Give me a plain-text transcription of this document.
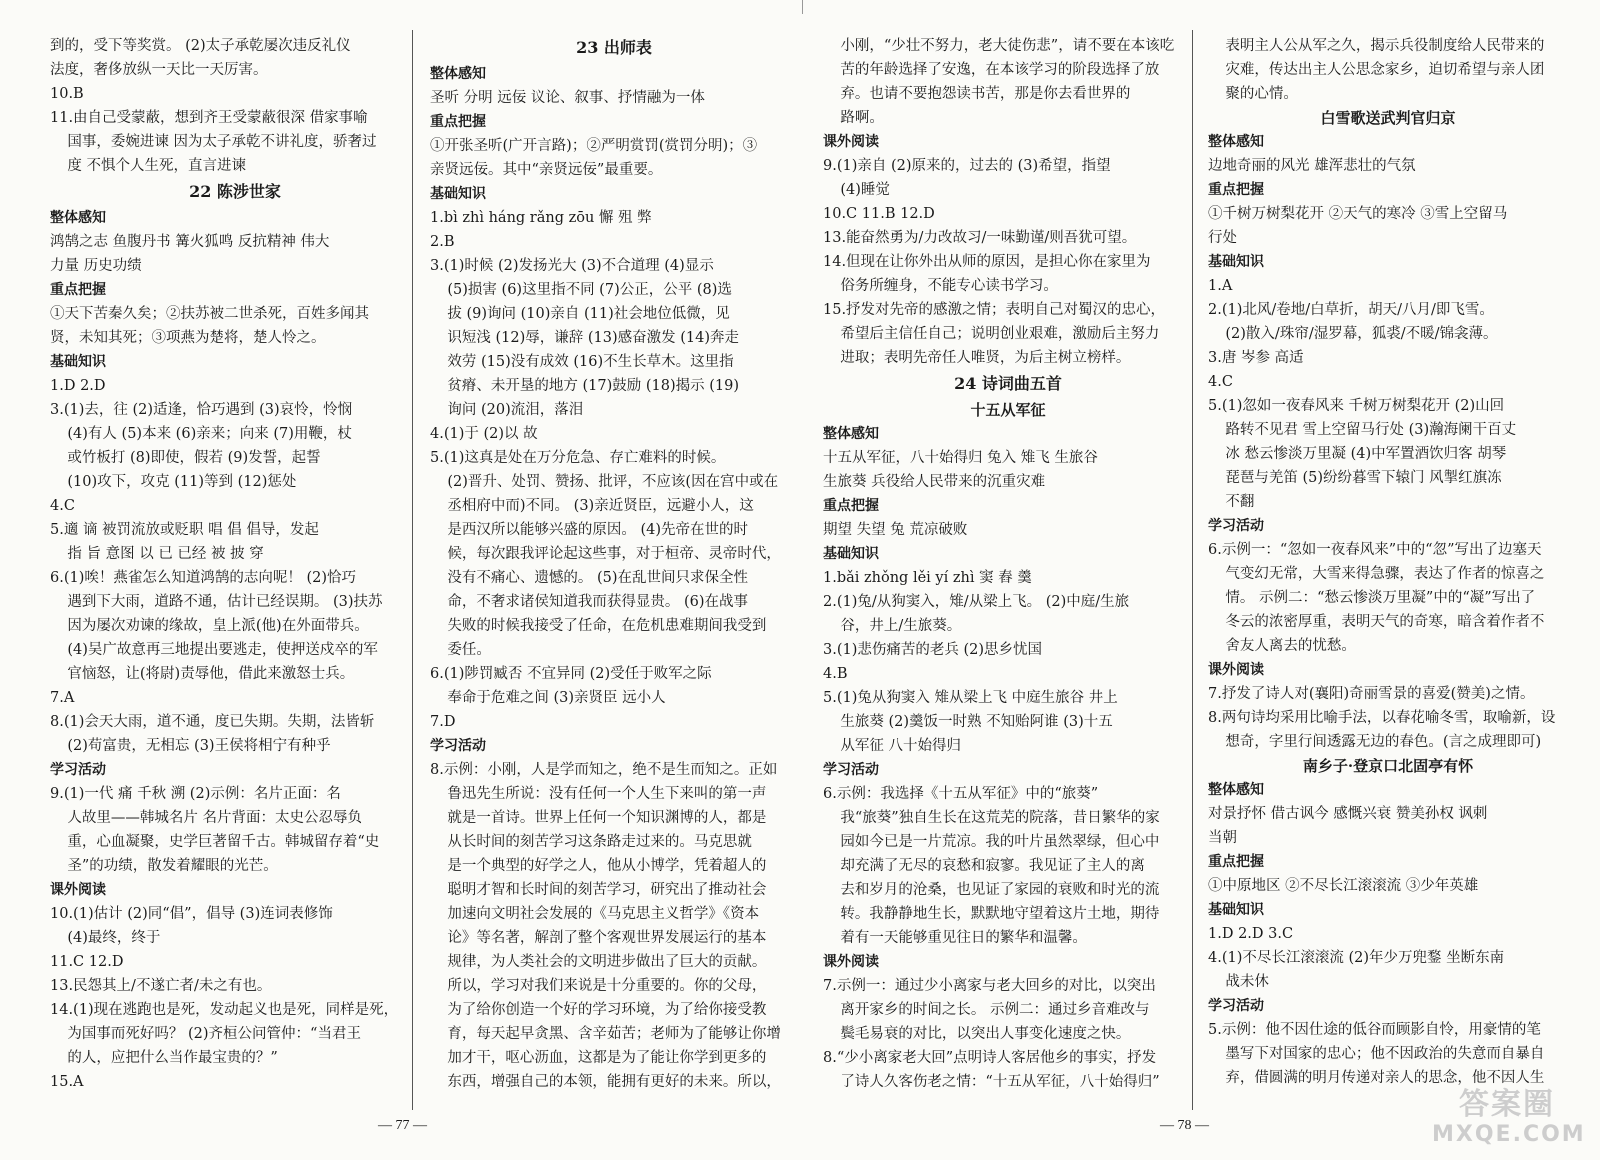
到的，受下等奖赏。 (2)太子承乾屡次违反礼仪
法度，奢侈放纵一天比一天厉害。
10.B
11.由自己受蒙蔽，想到齐王受蒙蔽很深 借家事喻
国事，委婉进谏 因为太子承乾不讲礼度，骄奢过
度 不惧个人生死，直言进谏
22 陈涉世家
整体感知
鸿鹄之志 鱼腹丹书 篝火狐鸣 反抗精神 伟大
力量 历史功绩
重点把握
①天下苦秦久矣；②扶苏被二世杀死，百姓多闻其
贤，未知其死；③项燕为楚将，楚人怜之。
基础知识
1.D 2.D
3.(1)去，往 (2)适逢，恰巧遇到 (3)哀怜，怜悯
(4)有人 (5)本来 (6)亲来；向来 (7)用鞭，杖
或竹板打 (8)即使，假若 (9)发誓，起誓
(10)攻下，攻克 (11)等到 (12)惩处
4.C
5.適 谪 被罚流放或贬职 唱 倡 倡导，发起
指 旨 意图 以 已 已经 被 披 穿
6.(1)唉！燕雀怎么知道鸿鹄的志向呢！ (2)恰巧
遇到下大雨，道路不通，估计已经误期。 (3)扶苏
因为屡次劝谏的缘故，皇上派(他)在外面带兵。
(4)吴广故意再三地提出要逃走，使押送戍卒的军
官恼怒，让(将尉)责辱他，借此来激怒士兵。
7.A
8.(1)会天大雨，道不通，度已失期。失期，法皆斩
(2)苟富贵，无相忘 (3)王侯将相宁有种乎
学习活动
9.(1)一代 痛 千秋 溯 (2)示例：名片正面：名
人故里——韩城名片 名片背面：太史公忍辱负
重，心血凝聚，史学巨著留千古。韩城留存着“史
圣”的功绩，散发着耀眼的光芒。
课外阅读
10.(1)估计 (2)同“倡”，倡导 (3)连词表修饰
(4)最终，终于
11.C 12.D
13.民怨其上/不遂亡者/未之有也。
14.(1)现在逃跑也是死，发动起义也是死，同样是死，
为国事而死好吗？ (2)齐桓公问管仲：“当君王
的人，应把什么当作最宝贵的？”
15.A
23 出师表
整体感知
圣听 分明 远佞 议论、叙事、抒情融为一体
重点把握
①开张圣听(广开言路)；②严明赏罚(赏罚分明)；③
亲贤远佞。其中“亲贤远佞”最重要。
基础知识
1.bì zhì háng rǎng zōu 懈 殂 弊
2.B
3.(1)时候 (2)发扬光大 (3)不合道理 (4)显示
(5)损害 (6)这里指不同 (7)公正，公平 (8)选
拔 (9)询问 (10)亲自 (11)社会地位低微，见
识短浅 (12)辱，谦辞 (13)感奋激发 (14)奔走
效劳 (15)没有成效 (16)不生长草木。这里指
贫瘠、未开垦的地方 (17)鼓励 (18)揭示 (19)
询问 (20)流泪，落泪
4.(1)于 (2)以 故
5.(1)这真是处在万分危急、存亡难料的时候。
(2)晋升、处罚、赞扬、批评，不应该(因在宫中或在
丞相府中而)不同。 (3)亲近贤臣，远避小人，这
是西汉所以能够兴盛的原因。 (4)先帝在世的时
候，每次跟我评论起这些事，对于桓帝、灵帝时代，
没有不痛心、遗憾的。 (5)在乱世间只求保全性
命，不奢求诸侯知道我而获得显贵。 (6)在战事
失败的时候我接受了任命，在危机患难期间我受到
委任。
6.(1)陟罚臧否 不宜异同 (2)受任于败军之际
奉命于危难之间 (3)亲贤臣 远小人
7.D
学习活动
8.示例：小刚，人是学而知之，绝不是生而知之。正如
鲁迅先生所说：没有任何一个人生下来叫的第一声
就是一首诗。世界上任何一个知识渊博的人，都是
从长时间的刻苦学习这条路走过来的。马克思就
是一个典型的好学之人，他从小博学，凭着超人的
聪明才智和长时间的刻苦学习，研究出了推动社会
加速向文明社会发展的《马克思主义哲学》《资本
论》等名著，解剖了整个客观世界发展运行的基本
规律，为人类社会的文明进步做出了巨大的贡献。
所以，学习对我们来说是十分重要的。你的父母，
为了给你创造一个好的学习环境，为了给你接受教
育，每天起早贪黑、含辛茹苦；老师为了能够让你增
加才干，呕心沥血，这都是为了能让你学到更多的
东西，增强自己的本领，能拥有更好的未来。所以，
小刚，“少壮不努力，老大徒伤悲”，请不要在本该吃
苦的年龄选择了安逸，在本该学习的阶段选择了放
弃。也请不要抱怨读书苦，那是你去看世界的
路啊。
课外阅读
9.(1)亲自 (2)原来的，过去的 (3)希望，指望
(4)睡觉
10.C 11.B 12.D
13.能奋然勇为/力改故习/一味勤谨/则吾犹可望。
14.但现在让你外出从师的原因，是担心你在家里为
俗务所缠身，不能专心读书学习。
15.抒发对先帝的感激之情；表明自己对蜀汉的忠心，
希望后主信任自己；说明创业艰难，激励后主努力
进取；表明先帝任人唯贤，为后主树立榜样。
24 诗词曲五首
十五从军征
整体感知
十五从军征，八十始得归 兔入 雉飞 生旅谷
生旅葵 兵役给人民带来的沉重灾难
重点把握
期望 失望 兔 荒凉破败
基础知识
1.bǎi zhǒng lěi yí zhì 窦 舂 羹
2.(1)兔/从狗窦入，雉/从梁上飞。 (2)中庭/生旅
谷，井上/生旅葵。
3.(1)悲伤痛苦的老兵 (2)思乡忧国
4.B
5.(1)兔从狗窦入 雉从梁上飞 中庭生旅谷 井上
生旅葵 (2)羹饭一时熟 不知贻阿谁 (3)十五
从军征 八十始得归
学习活动
6.示例：我选择《十五从军征》中的“旅葵”
我“旅葵”独自生长在这荒芜的院落，昔日繁华的家
园如今已是一片荒凉。我的叶片虽然翠绿，但心中
却充满了无尽的哀愁和寂寥。我见证了主人的离
去和岁月的沧桑，也见证了家园的衰败和时光的流
转。我静静地生长，默默地守望着这片土地，期待
着有一天能够重见往日的繁华和温馨。
课外阅读
7.示例一：通过少小离家与老大回乡的对比，以突出
离开家乡的时间之长。 示例二：通过乡音难改与
鬓毛易衰的对比，以突出人事变化速度之快。
8.“少小离家老大回”点明诗人客居他乡的事实，抒发
了诗人久客伤老之情：“十五从军征，八十始得归”
表明主人公从军之久，揭示兵役制度给人民带来的
灾难，传达出主人公思念家乡，迫切希望与亲人团
聚的心情。
白雪歌送武判官归京
整体感知
边地奇丽的风光 雄浑悲壮的气氛
重点把握
①千树万树梨花开 ②天气的寒冷 ③雪上空留马
行处
基础知识
1.A
2.(1)北风/卷地/白草折，胡天/八月/即飞雪。
(2)散入/珠帘/湿罗幕，狐裘/不暖/锦衾薄。
3.唐 岑参 高适
4.C
5.(1)忽如一夜春风来 千树万树梨花开 (2)山回
路转不见君 雪上空留马行处 (3)瀚海阑干百丈
冰 愁云惨淡万里凝 (4)中军置酒饮归客 胡琴
琵琶与羌笛 (5)纷纷暮雪下辕门 风掣红旗冻
不翻
学习活动
6.示例一：“忽如一夜春风来”中的“忽”写出了边塞天
气变幻无常，大雪来得急骤，表达了作者的惊喜之
情。 示例二：“愁云惨淡万里凝”中的“凝”写出了
冬云的浓密厚重，表明天气的奇寒，暗含着作者不
舍友人离去的忧愁。
课外阅读
7.抒发了诗人对(襄阳)奇丽雪景的喜爱(赞美)之情。
8.两句诗均采用比喻手法，以春花喻冬雪，取喻新，设
想奇，字里行间透露无边的春色。(言之成理即可)
南乡子·登京口北固亭有怀
整体感知
对景抒怀 借古讽今 感慨兴衰 赞美孙权 讽刺
当朝
重点把握
①中原地区 ②不尽长江滚滚流 ③少年英雄
基础知识
1.D 2.D 3.C
4.(1)不尽长江滚滚流 (2)年少万兜鍪 坐断东南
战未休
学习活动
5.示例：他不因仕途的低谷而顾影自怜，用豪情的笔
墨写下对国家的忠心；他不因政治的失意而自暴自
弃，借圆满的明月传递对亲人的思念，他不因人生
— 77 —	— 78 —
答案圈
MXQE.COM
